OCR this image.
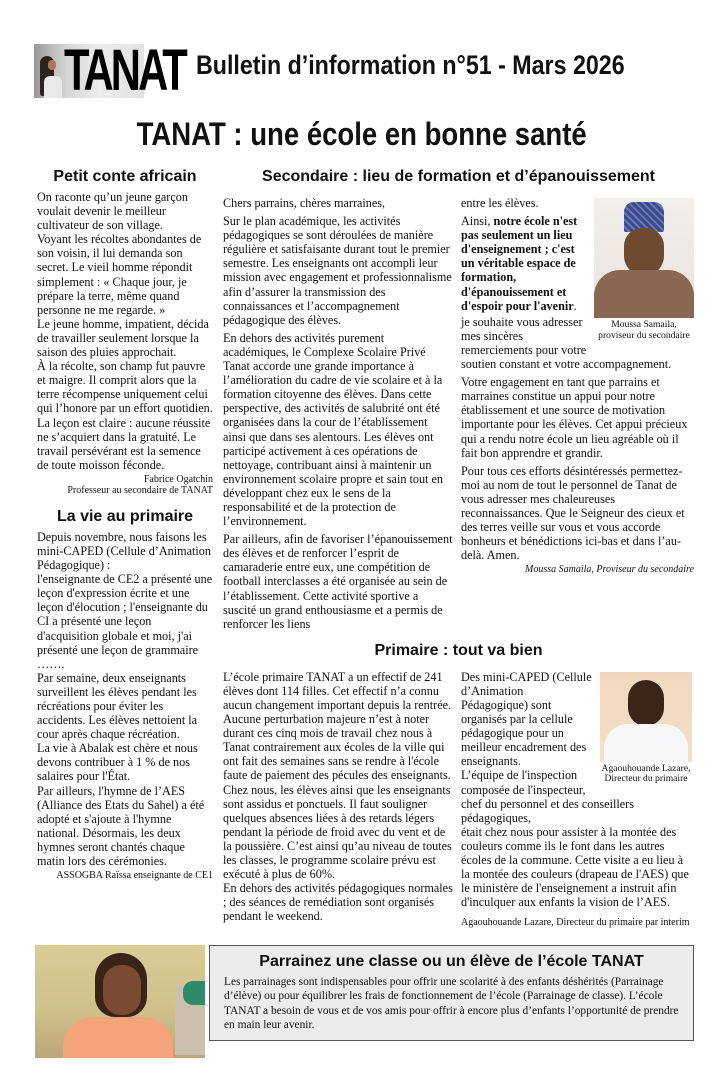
TANAT Bulletin d’information n°51 - Mars 2026
TANAT : une école en bonne santé
Petit conte africain

On raconte qu’un jeune garçon voulait devenir le meilleur cultivateur de son village.

Voyant les récoltes abondantes de son voisin, il lui demanda son secret. Le vieil homme répondit simplement : « Chaque jour, je prépare la terre, même quand personne ne me regarde. »

Le jeune homme, impatient, décida de travailler seulement lorsque la saison des pluies approchait.

À la récolte, son champ fut pauvre et maigre. Il comprit alors que la terre récompense uniquement celui qui l’honore par un effort quotidien.

La leçon est claire : aucune réussite ne s’acquiert dans la gratuité. Le travail persévérant est la semence de toute moisson féconde.

Fabrice Ogatchin
Professeur au secondaire de TANAT
La vie au primaire

Depuis novembre, nous faisons les mini-CAPED (Cellule d’Animation Pédagogique) :

l'enseignante de CE2 a présenté une leçon d'expression écrite et une leçon d'élocution ; l'enseignante du CI a présenté une leçon d'acquisition globale et moi, j'ai présenté une leçon de grammaire …….

Par semaine, deux enseignants surveillent les élèves pendant les récréations pour éviter les accidents. Les élèves nettoient la cour après chaque récréation.

La vie à Abalak est chère et nous devons contribuer à 1 % de nos salaires pour l'État.

Par ailleurs, l'hymne de l’AES (Alliance des Etats du Sahel) a été adopté et s'ajoute à l'hymne national. Désormais, les deux hymnes seront chantés chaque matin lors des cérémonies.

ASSOGBA Raïssa enseignante de CE1
Secondaire : lieu de formation et d’épanouissement

Chers parrains, chères marraines,

Sur le plan académique, les activités pédagogiques se sont déroulées de manière régulière et satisfaisante durant tout le premier semestre. Les enseignants ont accompli leur mission avec engagement et professionnalisme afin d’assurer la transmission des connaissances et l’accompagnement pédagogique des élèves.

En dehors des activités purement académiques, le Complexe Scolaire Privé Tanat accorde une grande importance à l’amélioration du cadre de vie scolaire et à la formation citoyenne des élèves. Dans cette perspective, des activités de salubrité ont été organisées dans la cour de l’établissement ainsi que dans ses alentours. Les élèves ont participé activement à ces opérations de nettoyage, contribuant ainsi à maintenir un environnement scolaire propre et sain tout en développant chez eux le sens de la responsabilité et de la protection de l’environnement.

Par ailleurs, afin de favoriser l’épanouissement des élèves et de renforcer l’esprit de camaraderie entre eux, une compétition de football interclasses a été organisée au sein de l’établissement. Cette activité sportive a suscité un grand enthousiasme et a permis de renforcer les liens

Moussa Samaila, proviseur du secondaire

entre les élèves.

Ainsi, notre école n'est pas seulement un lieu d'enseignement ; c'est un véritable espace de formation, d'épanouissement et d'espoir pour l'avenir.

je souhaite vous adresser mes sincères remerciements pour votre soutien constant et votre accompagnement.

Votre engagement en tant que parrains et marraines constitue un appui pour notre établissement et une source de motivation importante pour les élèves. Cet appui précieux qui a rendu notre école un lieu agréable où il fait bon apprendre et grandir.

Pour tous ces efforts désintéressés permettez-moi au nom de tout le personnel de Tanat de vous adresser mes chaleureuses reconnaissances. Que le Seigneur des cieux et des terres veille sur vous et vous accorde bonheurs et bénédictions ici-bas et dans l’au-delà. Amen.

Moussa Samaila, Proviseur du secondaire
Primaire : tout va bien

L’école primaire TANAT a un effectif de 241 élèves dont 114 filles. Cet effectif n’a connu aucun changement important depuis la rentrée. Aucune perturbation majeure n’est à noter durant ces cinq mois de travail chez nous à Tanat contrairement aux écoles de la ville qui ont fait des semaines sans se rendre à l'école faute de paiement des pécules des enseignants.

Chez nous, les élèves ainsi que les enseignants sont assidus et ponctuels. Il faut souligner quelques absences liées à des retards légers pendant la période de froid avec du vent et de la poussière. C’est ainsi qu’au niveau de toutes les classes, le programme scolaire prévu est exécuté à plus de 60%.

En dehors des activités pédagogiques normales ; des séances de remédiation sont organisés pendant le weekend.

Agaouhouande Lazare, Directeur du primaire

Des mini-CAPED (Cellule d’Animation Pédagogique) sont organisés par la cellule pédagogique pour un meilleur encadrement des enseignants.

L’équipe de l'inspection composée de l'inspecteur, chef du personnel et des conseillers pédagogiques,

était chez nous pour assister à la montée des couleurs comme ils le font dans les autres écoles de la commune. Cette visite a eu lieu à la montée des couleurs (drapeau de l'AES) que le ministère de l'enseignement a instruit afin d'inculquer aux enfants la vision de l’AES.

Agaouhouande Lazare, Directeur du primaire par interim
Parrainez une classe ou un élève de l’école TANAT
Les parrainages sont indispensables pour offrir une scolarité à des enfants déshérités (Parrainage d’élève) ou pour équilibrer les frais de fonctionnement de l’école (Parrainage de classe). L’école TANAT a besoin de vous et de vos amis pour offrir à encore plus d’enfants l’opportunité de prendre en main leur avenir.
